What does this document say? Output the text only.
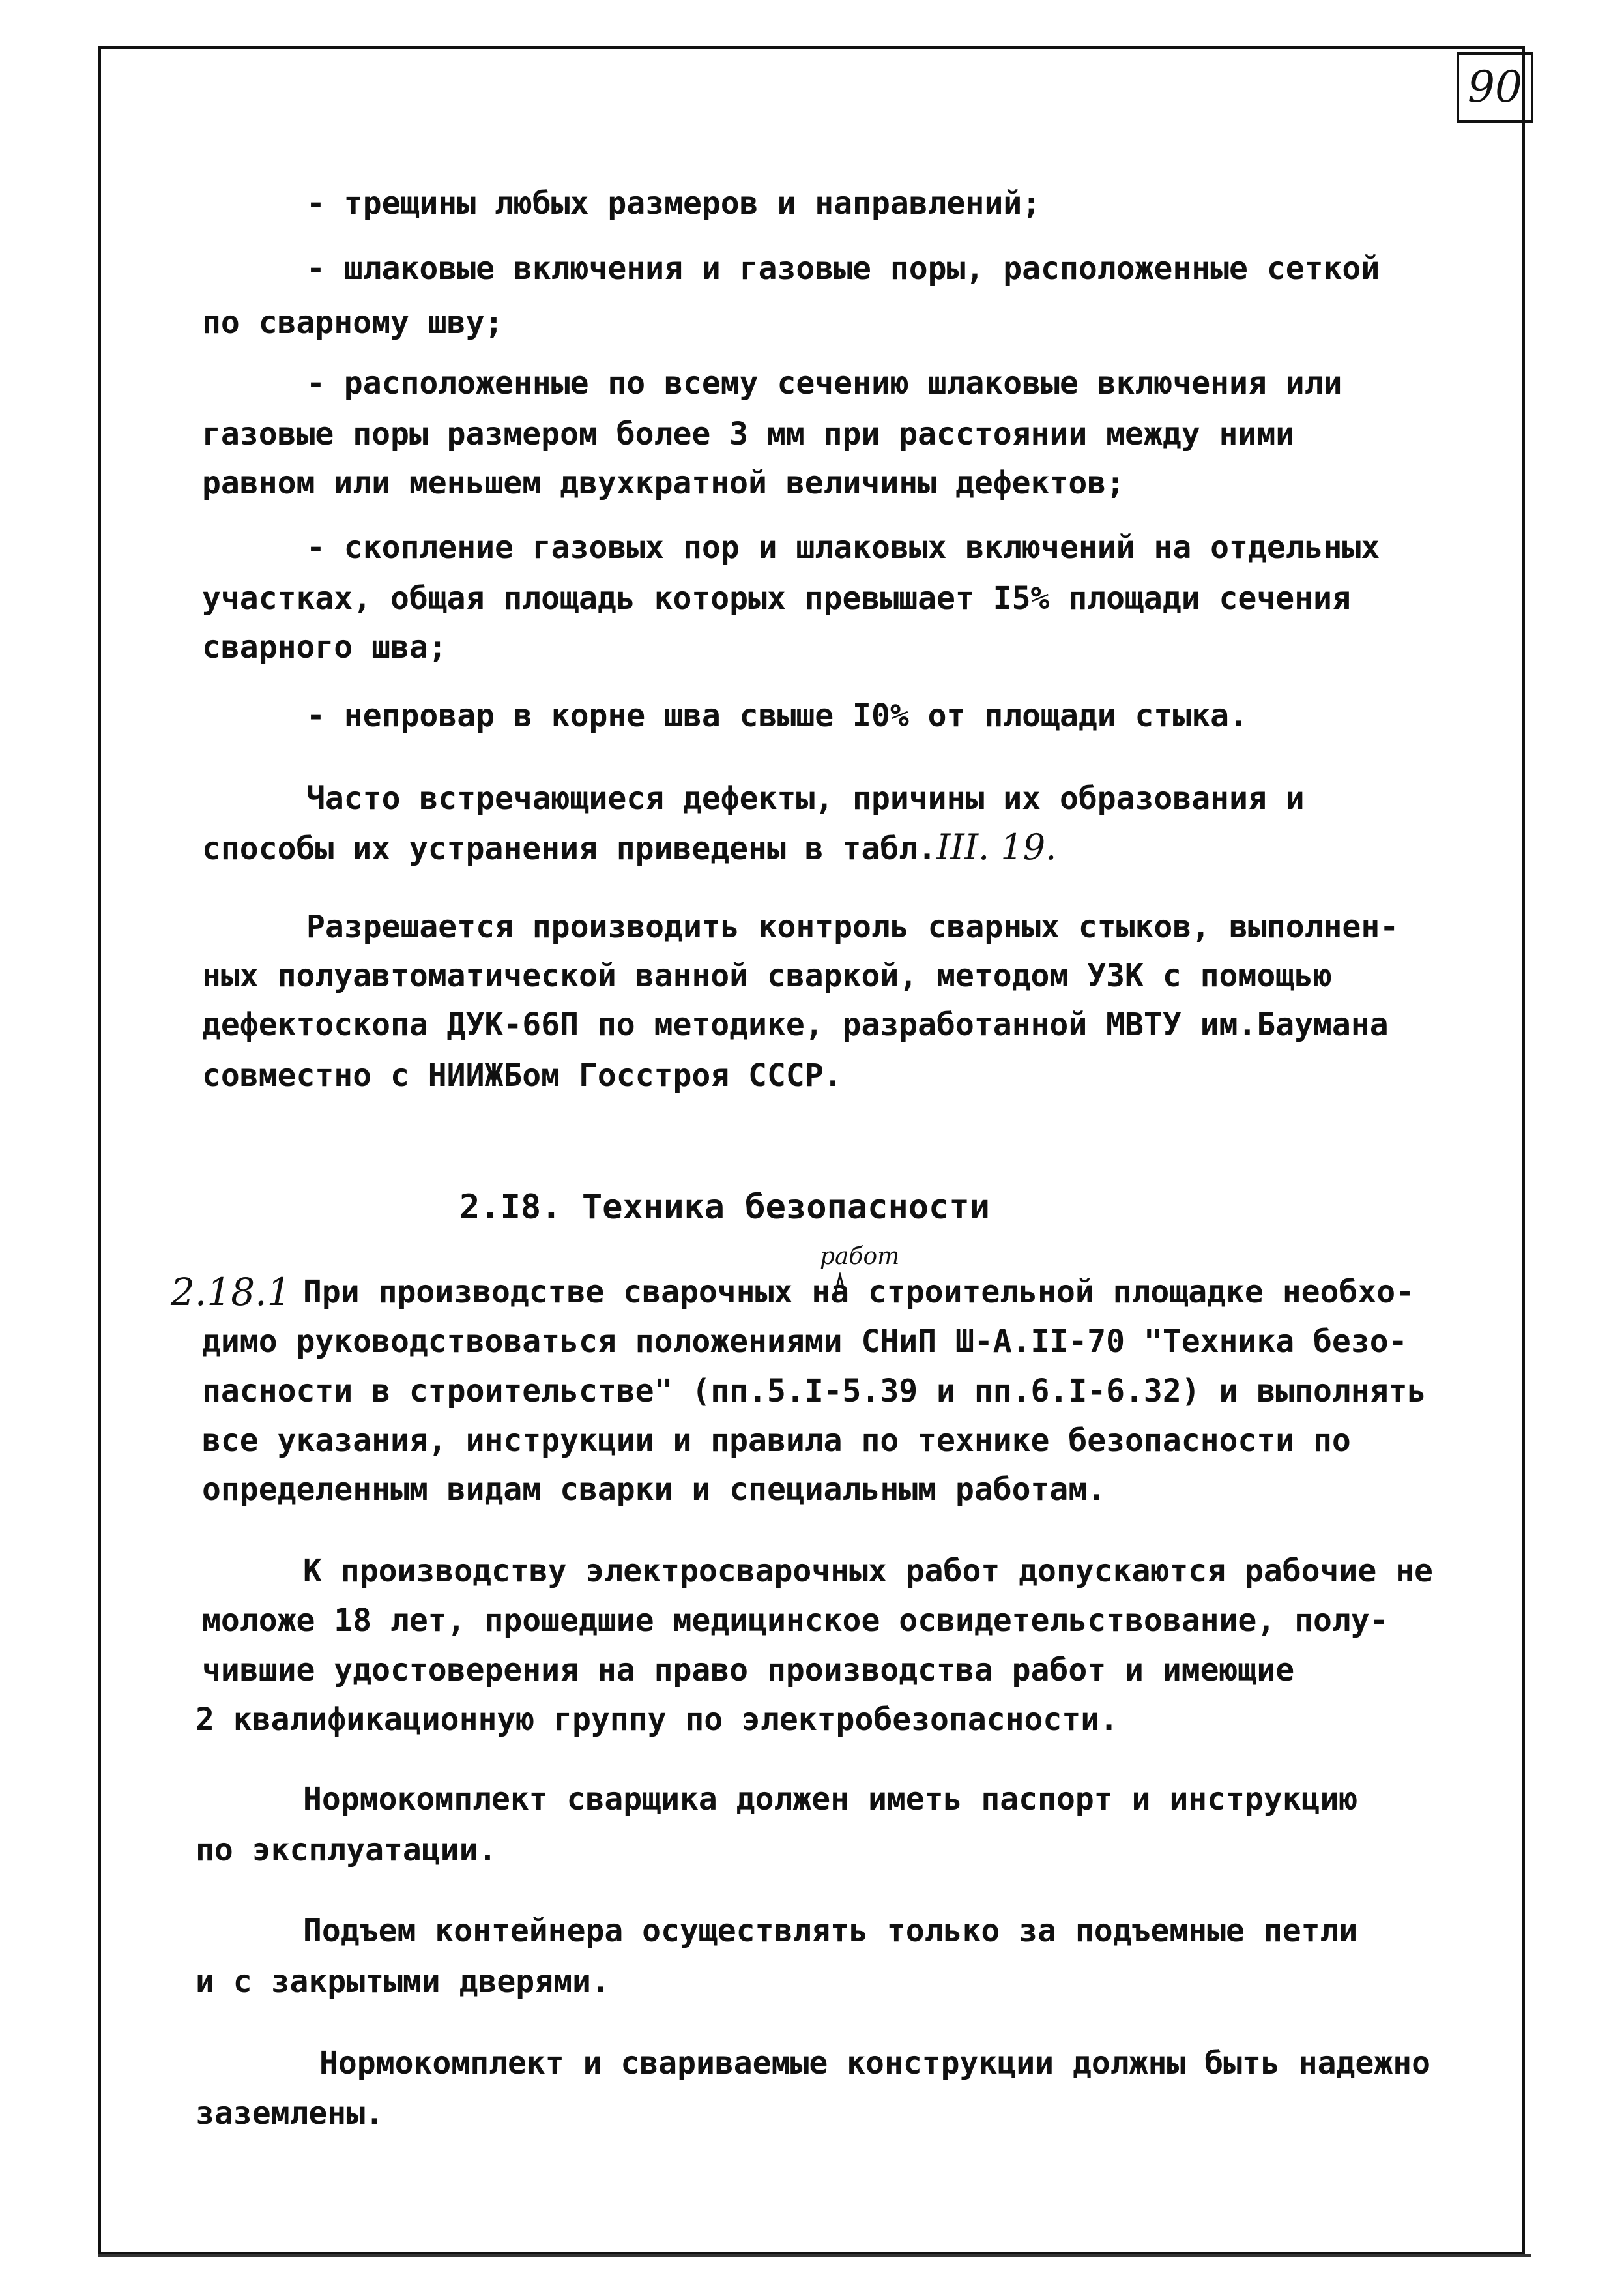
90
- трещины любых размеров и направлений;
- шлаковые включения и газовые поры, расположенные сеткой
по сварному шву;
- расположенные по всему сечению шлаковые включения или
газовые поры размером более 3 мм при расстоянии между ними
равном или меньшем двухкратной величины дефектов;
- скопление газовых пор и шлаковых включений на отдельных
участках, общая площадь которых превышает I5% площади сечения
сварного шва;
- непровар в корне шва свыше I0% от площади стыка.
Часто встречающиеся дефекты, причины их образования и
способы их устранения приведены в табл.III. 19.
Разрешается производить контроль сварных стыков, выполнен-
ных полуавтоматической ванной сваркой, методом УЗК с помощью
дефектоскопа ДУК-66П по методике, разработанной МВТУ им.Баумана
совместно с НИИЖБом Госстроя СССР.
2.I8. Техника безопасности
2.18.1
работ
При производстве сварочных на строительной площадке необхо-
димо руководствоваться положениями СНиП Ш-А.II-70 "Техника безо-
пасности в строительстве" (пп.5.I-5.39 и пп.6.I-6.32) и выполнять
все указания, инструкции и правила по технике безопасности по
определенным видам сварки и специальным работам.
К производству электросварочных работ допускаются рабочие не
моложе 18 лет, прошедшие медицинское освидетельствование, полу-
чившие удостоверения на право производства работ и имеющие
2 квалификационную группу по электробезопасности.
Нормокомплект сварщика должен иметь паспорт и инструкцию
по эксплуатации.
Подъем контейнера осуществлять только за подъемные петли
и с закрытыми дверями.
Нормокомплект и свариваемые конструкции должны быть надежно
заземлены.
